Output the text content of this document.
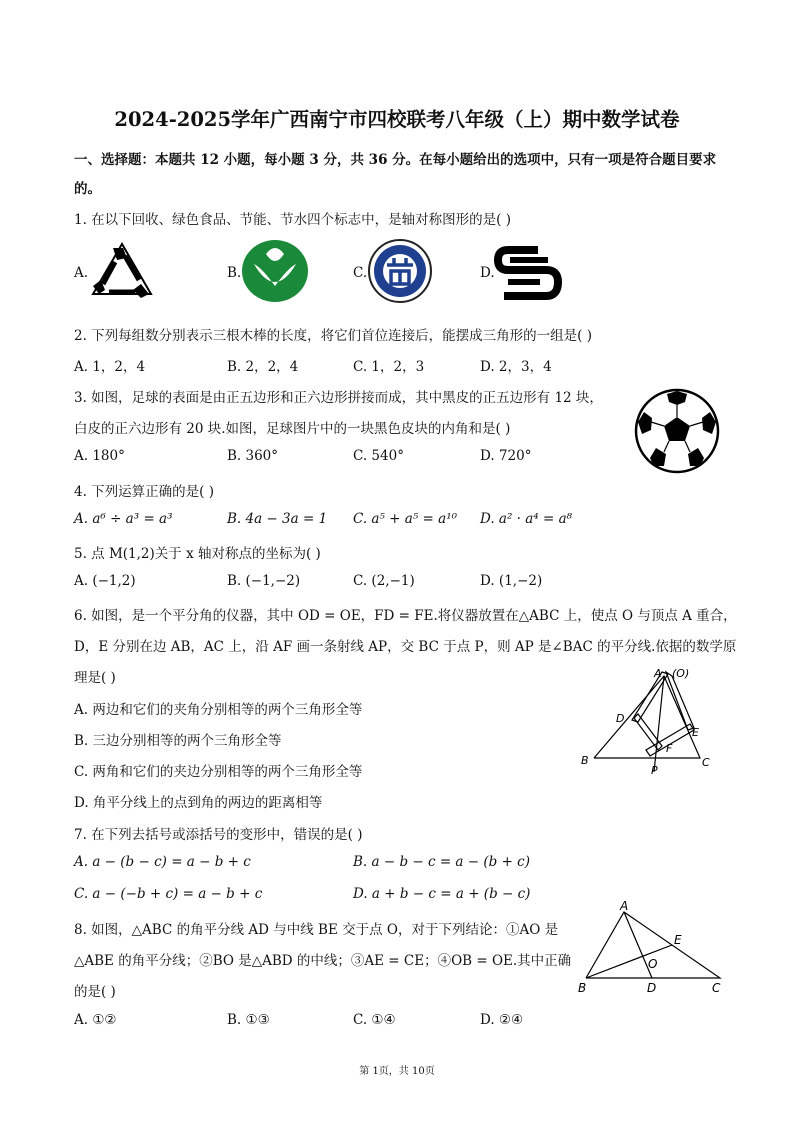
2024-2025学年广西南宁市四校联考八年级（上）期中数学试卷
一、选择题：本题共 12 小题，每小题 3 分，共 36 分。在每小题给出的选项中，只有一项是符合题目要求
的。
1. 在以下回收、绿色食品、节能、节水四个标志中，是轴对称图形的是( )
A.	B.	C.	D.
2. 下列每组数分别表示三根木棒的长度，将它们首位连接后，能摆成三角形的一组是( )
A. 1，2，4	B. 2，2，4	C. 1，2，3	D. 2，3，4
3. 如图，足球的表面是由正五边形和正六边形拼接而成，其中黑皮的正五边形有 12 块，
白皮的正六边形有 20 块.如图，足球图片中的一块黑色皮块的内角和是( )
A. 180°	B. 360°	C. 540°	D. 720°
4. 下列运算正确的是( )
A. a⁶ ÷ a³ = a³	B. 4a − 3a = 1 C. a⁵ + a⁵ = a¹⁰ D. a² · a⁴ = a⁸
5. 点 M(1,2)关于 x 轴对称点的坐标为( )
A. (−1,2)	B. (−1,−2)	C. (2,−1)	D. (1,−2)
6. 如图，是一个平分角的仪器，其中 OD = OE，FD = FE.将仪器放置在△ABC 上，使点 O 与顶点 A 重合，
D，E 分别在边 AB，AC 上，沿 AF 画一条射线 AP，交 BC 于点 P，则 AP 是∠BAC 的平分线.依据的数学原
理是( )
A. 两边和它们的夹角分别相等的两个三角形全等
B. 三边分别相等的两个三角形全等
C. 两角和它们的夹边分别相等的两个三角形全等
D. 角平分线上的点到角的两边的距离相等
A (O)
D
E
F
B
P
C
7. 在下列去括号或添括号的变形中，错误的是( )
A. a − (b − c) = a − b + c	B. a − b − c = a − (b + c)
C. a − (−b + c) = a − b + c	D. a + b − c = a + (b − c)
8. 如图，△ABC 的角平分线 AD 与中线 BE 交于点 O，对于下列结论：①AO 是
△ABE 的角平分线；②BO 是△ABD 的中线；③AE = CE；④OB = OE.其中正确
的是( )
A. ①②	B. ①③	C. ①④	D. ②④
A
E
O
B	D	C
第 1页，共 10页
